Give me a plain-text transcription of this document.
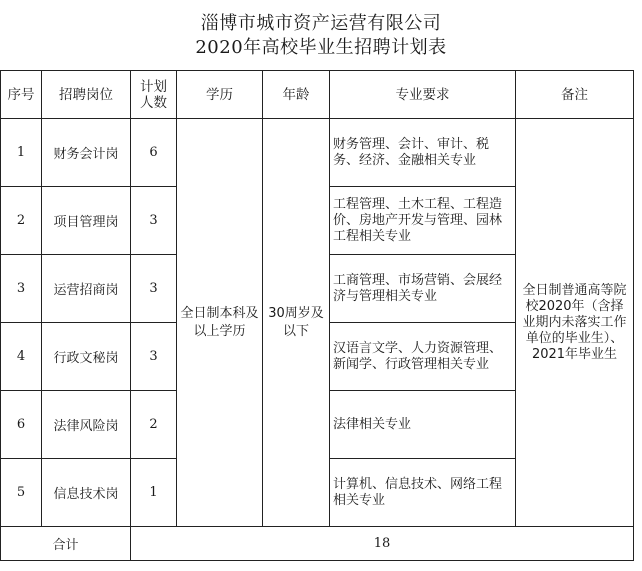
淄博市城市资产运营有限公司
2020年高校毕业生招聘计划表
序号	招聘岗位	计划人数	学历	年龄	专业要求	备注
1	财务会计岗	6	全日制本科及以上学历	30周岁及以下	财务管理、会计、审计、税务、经济、金融相关专业	全日制普通高等院校2020年（含择业期内未落实工作单位的毕业生）、2021年毕业生
2	项目管理岗	3			工程管理、土木工程、工程造价、房地产开发与管理、园林工程相关专业	
3	运营招商岗	3			工商管理、市场营销、会展经济与管理相关专业	
4	行政文秘岗	3			汉语言文学、人力资源管理、新闻学、行政管理相关专业	
6	法律风险岗	2			法律相关专业	
5	信息技术岗	1			计算机、信息技术、网络工程相关专业	
合计		18				
